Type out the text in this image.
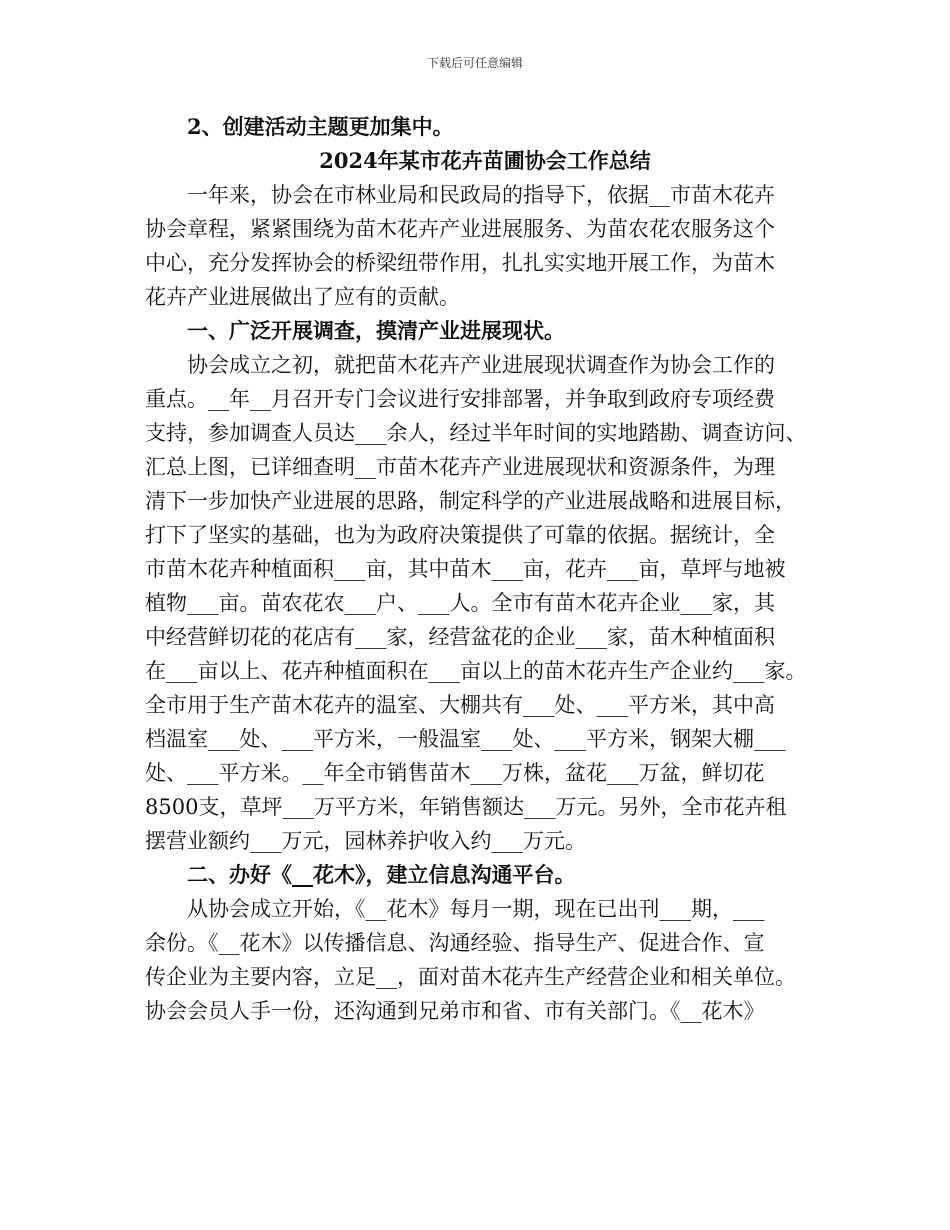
下载后可任意编辑
2、创建活动主题更加集中。
2024年某市花卉苗圃协会工作总结
一年来，协会在市林业局和民政局的指导下，依据__市苗木花卉
协会章程，紧紧围绕为苗木花卉产业进展服务、为苗农花农服务这个
中心，充分发挥协会的桥梁纽带作用，扎扎实实地开展工作，为苗木
花卉产业进展做出了应有的贡献。
一、广泛开展调查，摸清产业进展现状。
协会成立之初，就把苗木花卉产业进展现状调查作为协会工作的
重点。__年__月召开专门会议进行安排部署，并争取到政府专项经费
支持，参加调查人员达___余人，经过半年时间的实地踏勘、调查访问、
汇总上图，已详细查明__市苗木花卉产业进展现状和资源条件，为理
清下一步加快产业进展的思路，制定科学的产业进展战略和进展目标，
打下了坚实的基础，也为为政府决策提供了可靠的依据。据统计，全
市苗木花卉种植面积___亩，其中苗木___亩，花卉___亩，草坪与地被
植物___亩。苗农花农___户、___人。全市有苗木花卉企业___家，其
中经营鲜切花的花店有___家，经营盆花的企业___家，苗木种植面积
在___亩以上、花卉种植面积在___亩以上的苗木花卉生产企业约___家。
全市用于生产苗木花卉的温室、大棚共有___处、___平方米，其中高
档温室___处、___平方米，一般温室___处、___平方米，钢架大棚___
处、___平方米。__年全市销售苗木___万株，盆花___万盆，鲜切花
8500支，草坪___万平方米，年销售额达___万元。另外，全市花卉租
摆营业额约___万元，园林养护收入约___万元。
二、办好《__花木》，建立信息沟通平台。
从协会成立开始，《__花木》每月一期，现在已出刊___期，___
余份。《__花木》以传播信息、沟通经验、指导生产、促进合作、宣
传企业为主要内容，立足__，面对苗木花卉生产经营企业和相关单位。
协会会员人手一份，还沟通到兄弟市和省、市有关部门。《__花木》
